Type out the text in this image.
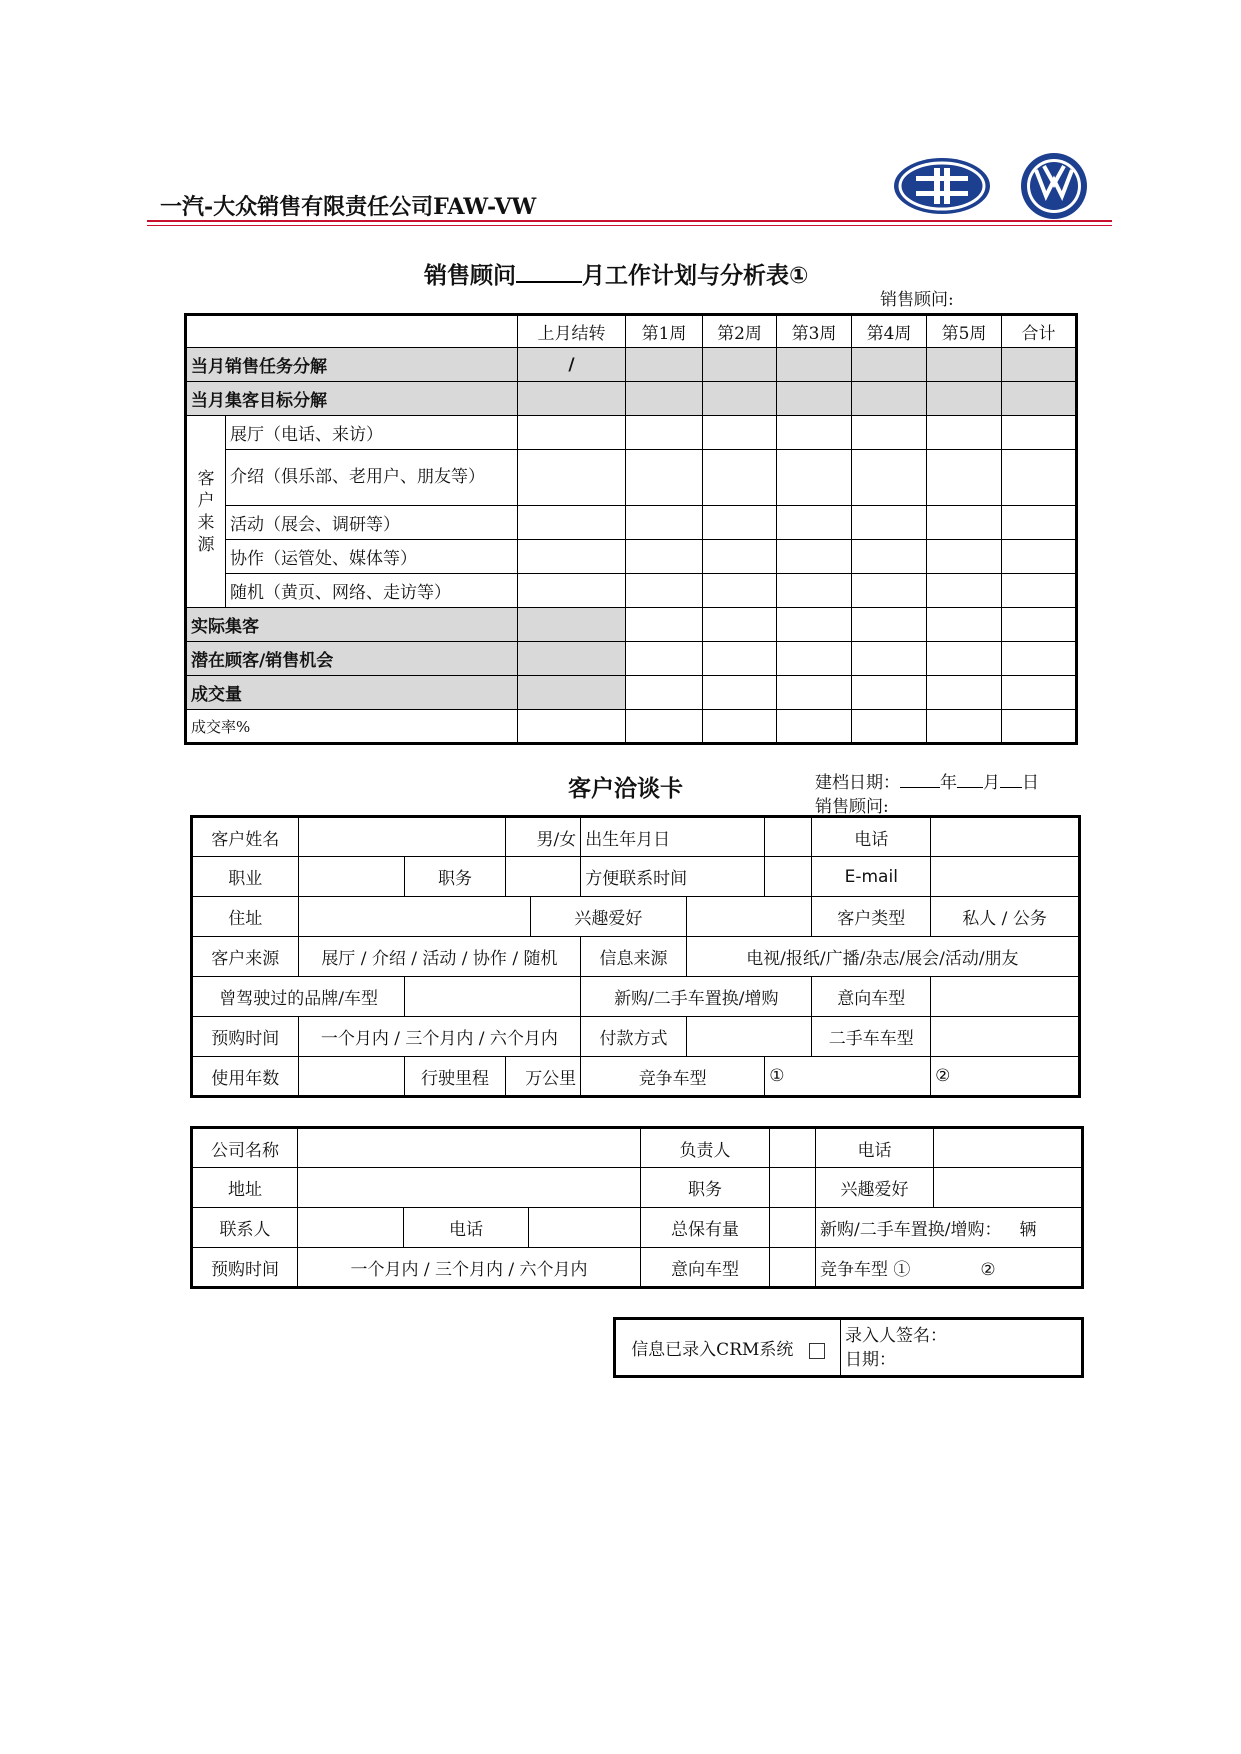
一汽-大众销售有限责任公司FAW-VW
销售顾问	月工作计划与分析表①
销售顾问:
		上月结转	第1周	第2周	第3周	第4周	第5周	合计
当月销售任务分解		/						
当月集客目标分解								
客户来源	展厅（电话、来访）							
	介绍（俱乐部、老用户、朋友等）							
	活动（展会、调研等）							
	协作（运管处、媒体等）							
	随机（黄页、网络、走访等）							
实际集客								
潜在顾客/销售机会								
成交量								
成交率%								
客户洽谈卡	建档日期： 年 月 日
销售顾问:
客户姓名			男/女		出生年月日			电话	
职业		职务			方便联系时间			E-mail	
住址				兴趣爱好				客户类型	私人 / 公务
客户来源	展厅 / 介绍 / 活动 / 协作 / 随机				信息来源	电视/报纸/广播/杂志/展会/活动/朋友			
曾驾驶过的品牌/车型					新购/二手车置换/增购			意向车型	
预购时间	一个月内 / 三个月内 / 六个月内				付款方式			二手车车型	
使用年数		行驶里程	万公里		竞争车型		①		②
公司名称				负责人		电话	
地址				职务		兴趣爱好	
联系人		电话		总保有量		新购/二手车置换/增购： 辆	
预购时间	一个月内 / 三个月内 / 六个月内			意向车型		竞争车型 ① ②	
信息已录入CRM系统	
录入人签名：
日期：
